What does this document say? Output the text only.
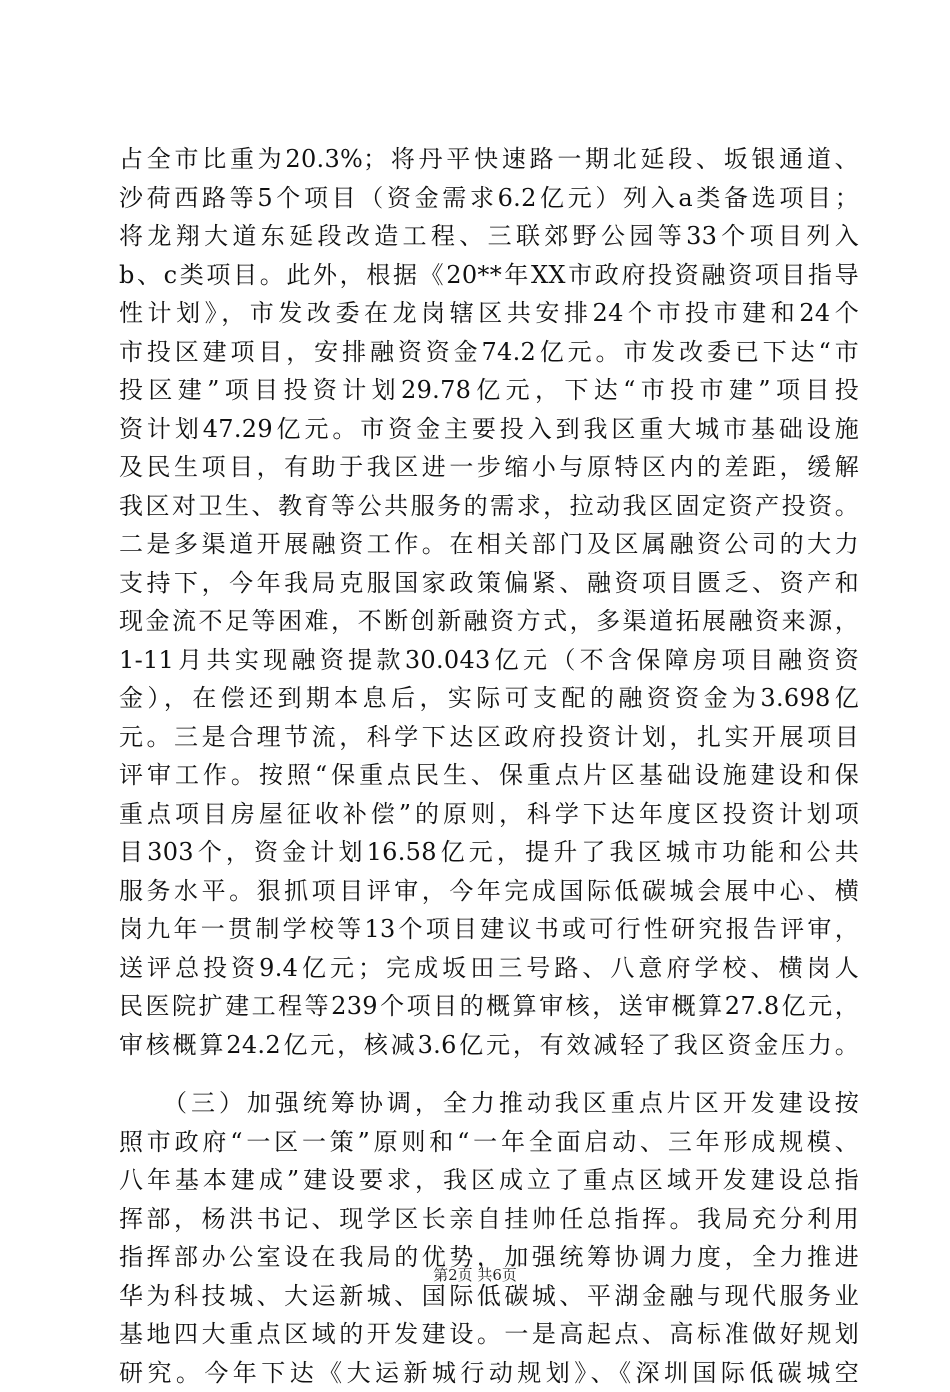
占全市比重为20.3%；将丹平快速路一期北延段、坂银通道、
沙荷西路等5个项目（资金需求6.2亿元）列入a类备选项目；
将龙翔大道东延段改造工程、三联郊野公园等33个项目列入
b、c类项目。此外，根据《20**年XX市政府投资融资项目指导
性计划》，市发改委在龙岗辖区共安排24个市投市建和24个
市投区建项目，安排融资资金74.2亿元。市发改委已下达“市
投区建”项目投资计划29.78亿元，下达“市投市建”项目投
资计划47.29亿元。市资金主要投入到我区重大城市基础设施
及民生项目，有助于我区进一步缩小与原特区内的差距，缓解
我区对卫生、教育等公共服务的需求，拉动我区固定资产投资。
二是多渠道开展融资工作。在相关部门及区属融资公司的大力
支持下，今年我局克服国家政策偏紧、融资项目匮乏、资产和
现金流不足等困难，不断创新融资方式，多渠道拓展融资来源，
1-11月共实现融资提款30.043亿元（不含保障房项目融资资
金），在偿还到期本息后，实际可支配的融资资金为3.698亿
元。三是合理节流，科学下达区政府投资计划，扎实开展项目
评审工作。按照“保重点民生、保重点片区基础设施建设和保
重点项目房屋征收补偿”的原则，科学下达年度区投资计划项
目303个，资金计划16.58亿元，提升了我区城市功能和公共
服务水平。狠抓项目评审，今年完成国际低碳城会展中心、横
岗九年一贯制学校等13个项目建议书或可行性研究报告评审，
送评总投资9.4亿元；完成坂田三号路、八意府学校、横岗人
民医院扩建工程等239个项目的概算审核，送审概算27.8亿元，
审核概算24.2亿元，核减3.6亿元，有效减轻了我区资金压力。
　　（三）加强统筹协调，全力推动我区重点片区开发建设按
照市政府“一区一策”原则和“一年全面启动、三年形成规模、
八年基本建成”建设要求，我区成立了重点区域开发建设总指
挥部，杨洪书记、现学区长亲自挂帅任总指挥。我局充分利用
指挥部办公室设在我局的优势，加强统筹协调力度，全力推进
华为科技城、大运新城、国际低碳城、平湖金融与现代服务业
基地四大重点区域的开发建设。一是高起点、高标准做好规划
研究。今年下达《大运新城行动规划》、《深圳国际低碳城空
第2页 共6页
